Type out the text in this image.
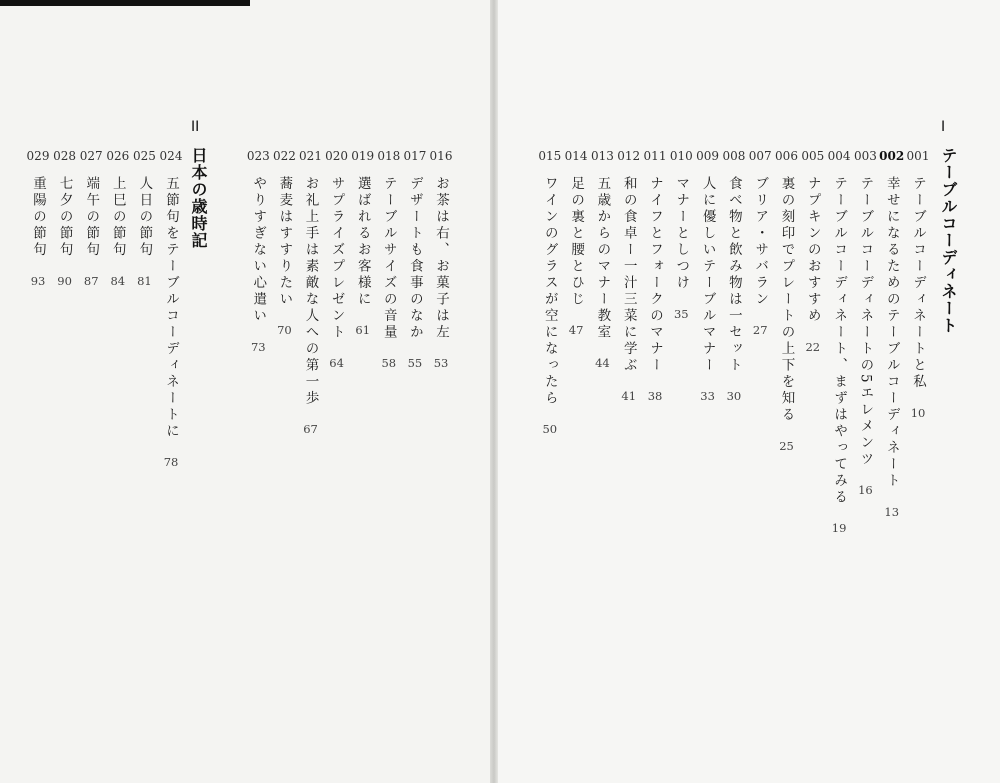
II
日本の歳時記
I
テーブルコーディネート
024
五節句をテーブルコーディネートに78
025
人日の節句81
026
上巳の節句84
027
端午の節句87
028
七夕の節句90
029
重陽の節句93
016
お茶は右、お菓子は左53
017
デザートも食事のなか55
018
テーブルサイズの音量58
019
選ばれるお客様に61
020
サプライズプレゼント64
021
お礼上手は素敵な人への第一歩67
022
蕎麦はすすりたい70
023
やりすぎない心遣い73
001
テーブルコーディネートと私10
002
幸せになるためのテーブルコーディネート13
003
テーブルコーディネートの5エレメンツ16
004
テーブルコーディネート、まずはやってみる19
005
ナプキンのおすすめ22
006
裏の刻印でプレートの上下を知る25
007
ブリア・サバラン27
008
食べ物と飲み物は一セット30
009
人に優しいテーブルマナー33
010
マナーとしつけ35
011
ナイフとフォークのマナー38
012
和の食卓ー一汁三菜に学ぶ41
013
五歳からのマナー教室44
014
足の裏と腰とひじ47
015
ワインのグラスが空になったら50
